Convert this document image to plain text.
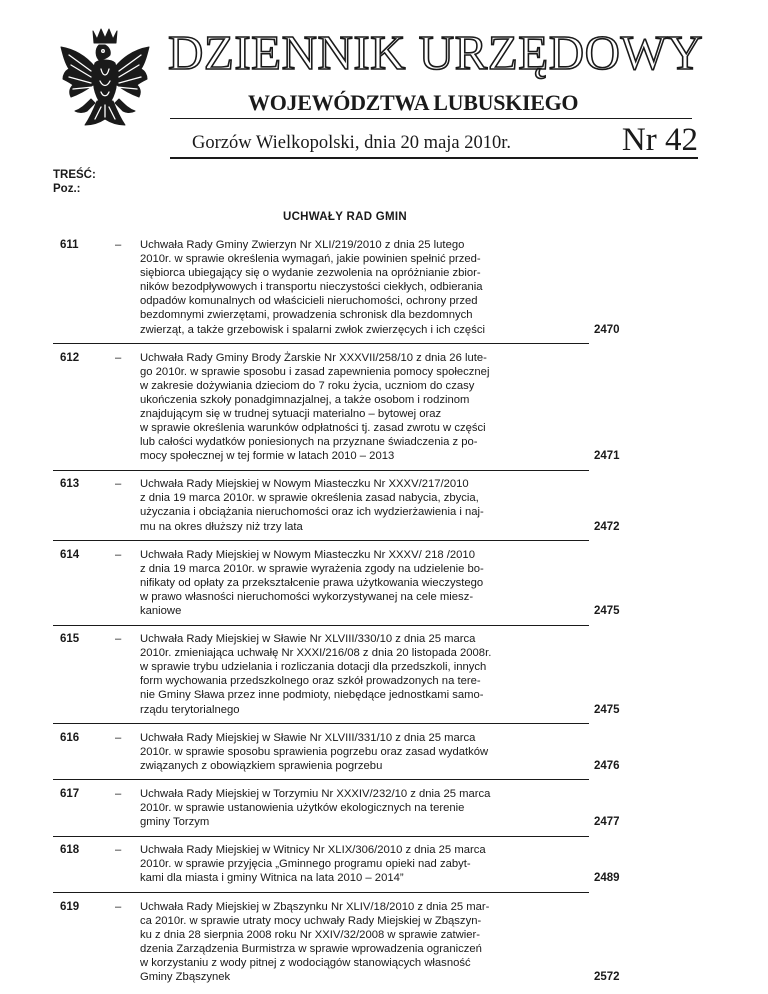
DZIENNIK URZĘDOWY
WOJEWÓDZTWA LUBUSKIEGO
Gorzów Wielkopolski, dnia 20 maja 2010r.	Nr 42
TREŚĆ:
Poz.:
UCHWAŁY RAD GMIN
611	– Uchwała Rady Gminy Zwierzyn Nr XLI/219/2010 z dnia 25 lutego
2010r. w sprawie określenia wymagań, jakie powinien spełnić przed-
siębiorca ubiegający się o wydanie zezwolenia na opróżnianie zbior-
ników bezodpływowych i transportu nieczystości ciekłych, odbierania
odpadów komunalnych od właścicieli nieruchomości, ochrony przed
bezdomnymi zwierzętami, prowadzenia schronisk dla bezdomnych
zwierząt, a także grzebowisk i spalarni zwłok zwierzęcych i ich części	2470
612	– Uchwała Rady Gminy Brody Żarskie Nr XXXVII/258/10 z dnia 26 lute-
go 2010r. w sprawie sposobu i zasad zapewnienia pomocy społecznej
w zakresie dożywiania dzieciom do 7 roku życia, uczniom do czasy
ukończenia szkoły ponadgimnazjalnej, a także osobom i rodzinom
znajdującym się w trudnej sytuacji materialno – bytowej oraz
w sprawie określenia warunków odpłatności tj. zasad zwrotu w części
lub całości wydatków poniesionych na przyznane świadczenia z po-
mocy społecznej w tej formie w latach 2010 – 2013	2471
613	– Uchwała Rady Miejskiej w Nowym Miasteczku Nr XXXV/217/2010
z dnia 19 marca 2010r. w sprawie określenia zasad nabycia, zbycia,
użyczania i obciążania nieruchomości oraz ich wydzierżawienia i naj-
mu na okres dłuższy niż trzy lata	2472
614	– Uchwała Rady Miejskiej w Nowym Miasteczku Nr XXXV/ 218 /2010
z dnia 19 marca 2010r. w sprawie wyrażenia zgody na udzielenie bo-
nifikaty od opłaty za przekształcenie prawa użytkowania wieczystego
w prawo własności nieruchomości wykorzystywanej na cele miesz-
kaniowe	2475
615	– Uchwała Rady Miejskiej w Sławie Nr XLVIII/330/10 z dnia 25 marca
2010r. zmieniająca uchwałę Nr XXXI/216/08 z dnia 20 listopada 2008r.
w sprawie trybu udzielania i rozliczania dotacji dla przedszkoli, innych
form wychowania przedszkolnego oraz szkół prowadzonych na tere-
nie Gminy Sława przez inne podmioty, niebędące jednostkami samo-
rządu terytorialnego	2475
616	– Uchwała Rady Miejskiej w Sławie Nr XLVIII/331/10 z dnia 25 marca
2010r. w sprawie sposobu sprawienia pogrzebu oraz zasad wydatków
związanych z obowiązkiem sprawienia pogrzebu	2476
617	– Uchwała Rady Miejskiej w Torzymiu Nr XXXIV/232/10 z dnia 25 marca
2010r. w sprawie ustanowienia użytków ekologicznych na terenie
gminy Torzym	2477
618	– Uchwała Rady Miejskiej w Witnicy Nr XLIX/306/2010 z dnia 25 marca
2010r. w sprawie przyjęcia „Gminnego programu opieki nad zabyt-
kami dla miasta i gminy Witnica na lata 2010 – 2014”	2489
619	– Uchwała Rady Miejskiej w Zbąszynku Nr XLIV/18/2010 z dnia 25 mar-
ca 2010r. w sprawie utraty mocy uchwały Rady Miejskiej w Zbąszyn-
ku z dnia 28 sierpnia 2008 roku Nr XXIV/32/2008 w sprawie zatwier-
dzenia Zarządzenia Burmistrza w sprawie wprowadzenia ograniczeń
w korzystaniu z wody pitnej z wodociągów stanowiących własność
Gminy Zbąszynek	2572
